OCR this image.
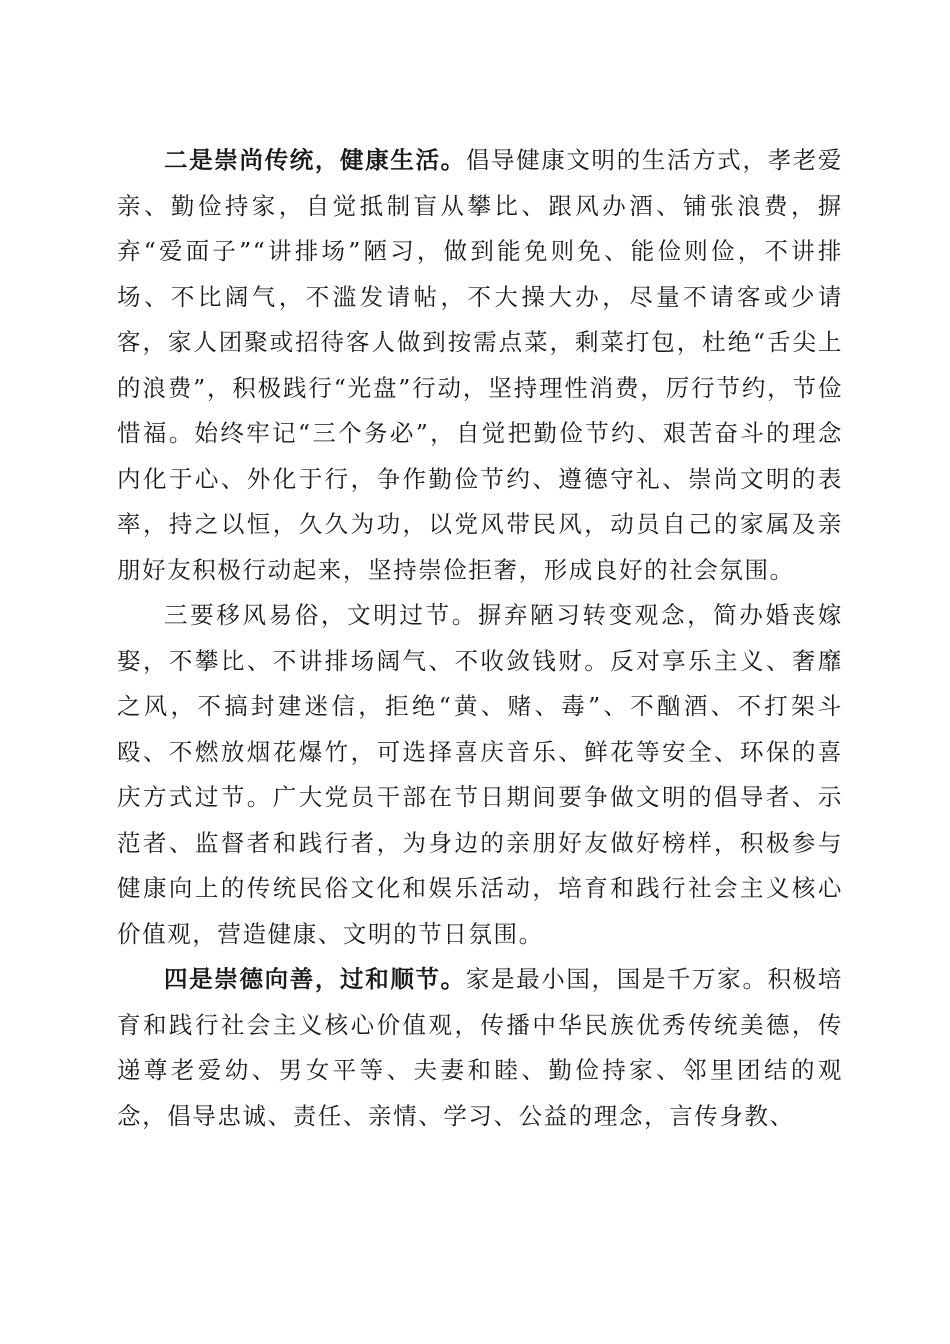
二是崇尚传统，健康生活。倡导健康文明的生活方式，孝老爱亲、勤俭持家，自觉抵制盲从攀比、跟风办酒、铺张浪费，摒弃“爱面子”“讲排场”陋习，做到能免则免、能俭则俭，不讲排场、不比阔气，不滥发请帖，不大操大办，尽量不请客或少请客，家人团聚或招待客人做到按需点菜，剩菜打包，杜绝“舌尖上的浪费”，积极践行“光盘”行动，坚持理性消费，厉行节约，节俭惜福。始终牢记“三个务必”，自觉把勤俭节约、艰苦奋斗的理念内化于心、外化于行，争作勤俭节约、遵德守礼、崇尚文明的表率，持之以恒，久久为功，以党风带民风，动员自己的家属及亲朋好友积极行动起来，坚持崇俭拒奢，形成良好的社会氛围。

三要移风易俗，文明过节。摒弃陋习转变观念，简办婚丧嫁娶，不攀比、不讲排场阔气、不收敛钱财。反对享乐主义、奢靡之风，不搞封建迷信，拒绝“黄、赌、毒”、不酗酒、不打架斗殴、不燃放烟花爆竹，可选择喜庆音乐、鲜花等安全、环保的喜庆方式过节。广大党员干部在节日期间要争做文明的倡导者、示范者、监督者和践行者，为身边的亲朋好友做好榜样，积极参与健康向上的传统民俗文化和娱乐活动，培育和践行社会主义核心价值观，营造健康、文明的节日氛围。

四是崇德向善，过和顺节。家是最小国，国是千万家。积极培育和践行社会主义核心价值观，传播中华民族优秀传统美德，传递尊老爱幼、男女平等、夫妻和睦、勤俭持家、邻里团结的观念，倡导忠诚、责任、亲情、学习、公益的理念，言传身教、
